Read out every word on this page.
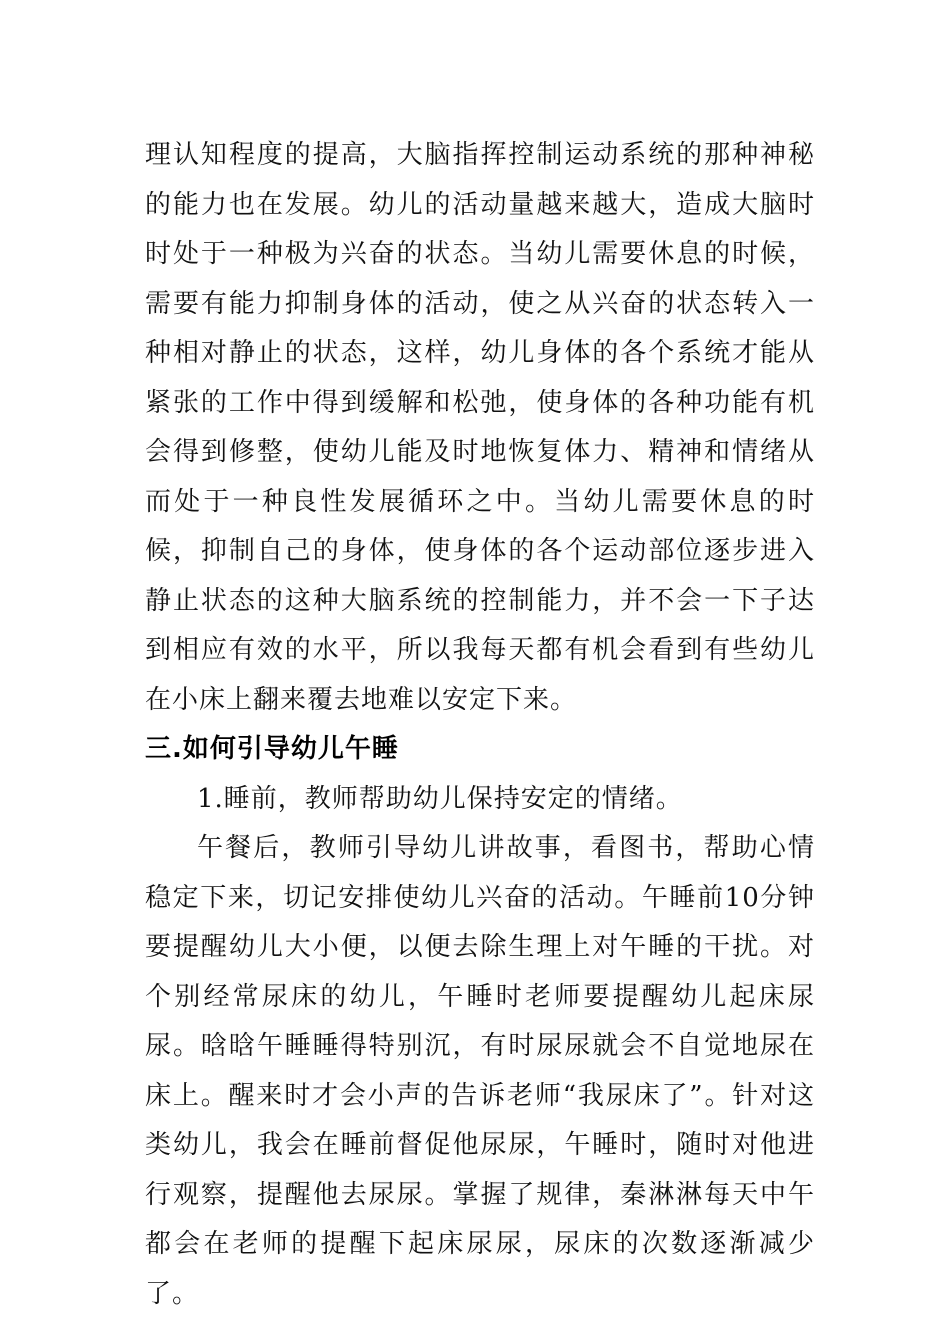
理认知程度的提高，大脑指挥控制运动系统的那种神秘的能力也在发展。幼儿的活动量越来越大，造成大脑时时处于一种极为兴奋的状态。当幼儿需要休息的时候，需要有能力抑制身体的活动，使之从兴奋的状态转入一种相对静止的状态，这样，幼儿身体的各个系统才能从紧张的工作中得到缓解和松弛，使身体的各种功能有机会得到修整，使幼儿能及时地恢复体力、精神和情绪从而处于一种良性发展循环之中。当幼儿需要休息的时候，抑制自己的身体，使身体的各个运动部位逐步进入静止状态的这种大脑系统的控制能力，并不会一下子达到相应有效的水平，所以我每天都有机会看到有些幼儿在小床上翻来覆去地难以安定下来。

三.如何引导幼儿午睡

1.睡前，教师帮助幼儿保持安定的情绪。

午餐后，教师引导幼儿讲故事，看图书，帮助心情稳定下来，切记安排使幼儿兴奋的活动。午睡前10分钟要提醒幼儿大小便，以便去除生理上对午睡的干扰。对个别经常尿床的幼儿，午睡时老师要提醒幼儿起床尿尿。晗晗午睡睡得特别沉，有时尿尿就会不自觉地尿在床上。醒来时才会小声的告诉老师“我尿床了”。针对这类幼儿，我会在睡前督促他尿尿，午睡时，随时对他进行观察，提醒他去尿尿。掌握了规律，秦淋淋每天中午都会在老师的提醒下起床尿尿，尿床的次数逐渐减少了。
